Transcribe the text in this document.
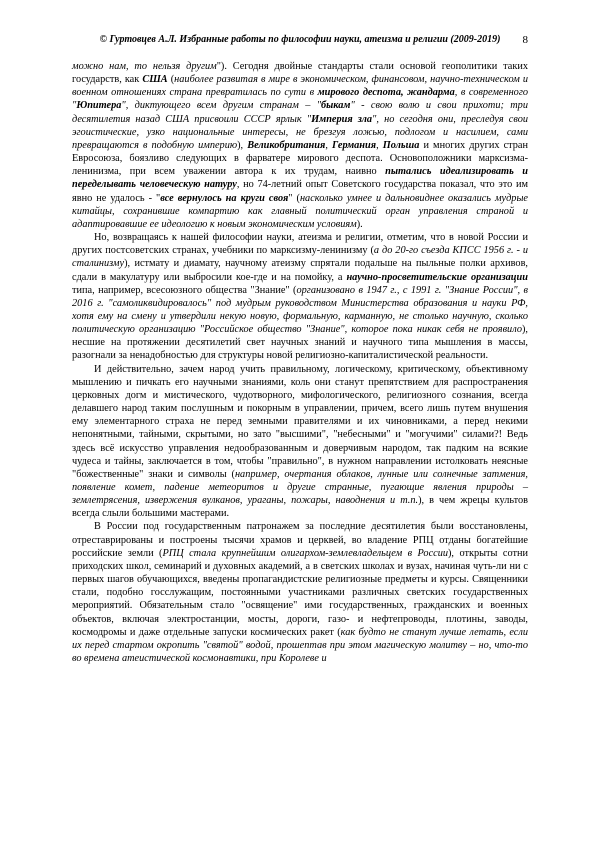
© Гуртовцев А.Л. Избранные работы по философии науки, атеизма и религии (2009-2019) 8

можно нам, то нельзя другим"). Сегодня двойные стандарты стали основой геополитики таких государств, как США (наиболее развитая в мире в экономическом, финансовом, научно-техническом и военном отношениях страна превратилась по сути в мирового деспота, жандарма, в современного "Юпитера", диктующего всем другим странам – "быкам" - свою волю и свои прихоти; три десятилетия назад США присвоили СССР ярлык "Империя зла", но сегодня они, преследуя свои эгоистические, узко национальные интересы, не брезгуя ложью, подлогом и насилием, сами превращаются в подобную империю), Великобритания, Германия, Польша и многих других стран Евросоюза, боязливо следующих в фарватере мирового деспота. Основоположники марксизма-ленинизма, при всем уважении автора к их трудам, наивно пытались идеализировать и переделывать человеческую натуру, но 74-летний опыт Советского государства показал, что это им явно не удалось - "все вернулось на круги своя" (насколько умнее и дальновиднее оказались мудрые китайцы, сохранившие компартию как главный политический орган управления страной и адаптировавшие ее идеологию к новым экономическим условиям).

Но, возвращаясь к нашей философии науки, атеизма и религии, отметим, что в новой России и других постсоветских странах, учебники по марксизму-ленинизму (а до 20-го съезда КПСС 1956 г. - и сталинизму), истмату и диамату, научному атеизму спрятали подальше на пыльные полки архивов, сдали в макулатуру или выбросили кое-где и на помойку, а научно-просветительские организации типа, например, всесоюзного общества "Знание" (организовано в 1947 г., с 1991 г. "Знание России", в 2016 г. "самоликвидировалось" под мудрым руководством Министерства образования и науки РФ, хотя ему на смену и утвердили некую новую, формальную, карманную, не столько научную, сколько политическую организацию "Российское общество "Знание", которое пока никак себя не проявило), несшие на протяжении десятилетий свет научных знаний и научного типа мышления в массы, разогнали за ненадобностью для структуры новой религиозно-капиталистической реальности.

И действительно, зачем народ учить правильному, логическому, критическому, объективному мышлению и пичкать его научными знаниями, коль они станут препятствием для распространения церковных догм и мистического, чудотворного, мифологического, религиозного сознания, всегда делавшего народ таким послушным и покорным в управлении, причем, всего лишь путем внушения ему элементарного страха не перед земными правителями и их чиновниками, а перед некими непонятными, тайными, скрытыми, но зато "высшими", "небесными" и "могучими" силами?! Ведь здесь всё искусство управления недообразованным и доверчивым народом, так падким на всякие чудеса и тайны, заключается в том, чтобы "правильно", в нужном направлении истолковать неясные "божественные" знаки и символы (например, очертания облаков, лунные или солнечные затмения, появление комет, падение метеоритов и другие странные, пугающие явления природы – землетрясения, извержения вулканов, ураганы, пожары, наводнения и т.п.), в чем жрецы культов всегда слыли большими мастерами.

В России под государственным патронажем за последние десятилетия были восстановлены, отреставрированы и построены тысячи храмов и церквей, во владение РПЦ отданы богатейшие российские земли (РПЦ стала крупнейшим олигархом-землевладельцем в России), открыты сотни приходских школ, семинарий и духовных академий, а в светских школах и вузах, начиная чуть-ли ни с первых шагов обучающихся, введены пропагандистские религиозные предметы и курсы. Священники стали, подобно госслужащим, постоянными участниками различных светских государственных мероприятий. Обязательным стало "освящение" ими государственных, гражданских и военных объектов, включая электростанции, мосты, дороги, газо- и нефтепроводы, плотины, заводы, космодромы и даже отдельные запуски космических ракет (как будто не станут лучше летать, если их перед стартом окропить "святой" водой, прошептав при этом магическую молитву – но, что-то во времена атеистической космонавтики, при Королеве и
